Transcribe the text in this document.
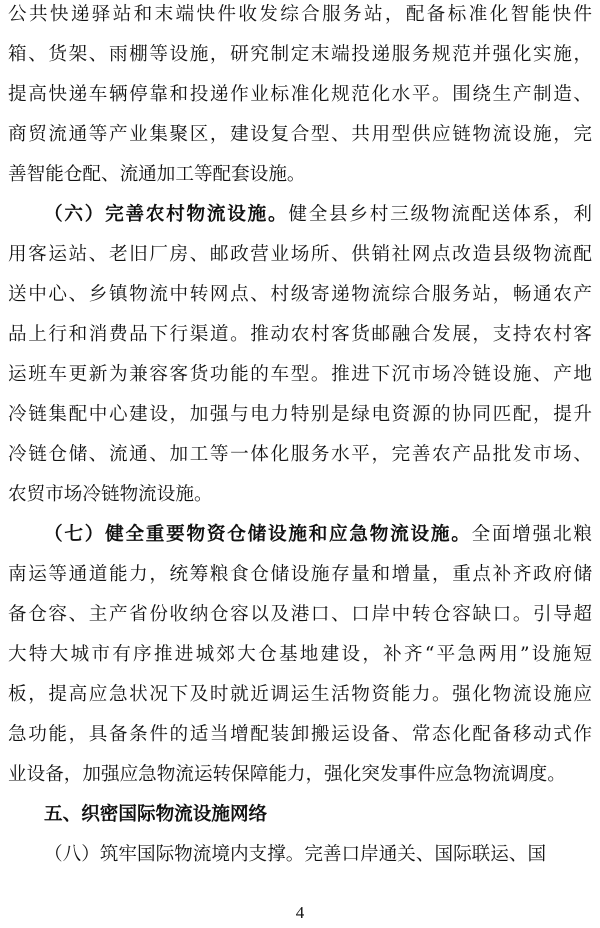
公共快递驿站和末端快件收发综合服务站，配备标准化智能快件
箱、货架、雨棚等设施，研究制定末端投递服务规范并强化实施，
提高快递车辆停靠和投递作业标准化规范化水平。围绕生产制造、
商贸流通等产业集聚区，建设复合型、共用型供应链物流设施，完
善智能仓配、流通加工等配套设施。
（六）完善农村物流设施。健全县乡村三级物流配送体系，利
用客运站、老旧厂房、邮政营业场所、供销社网点改造县级物流配
送中心、乡镇物流中转网点、村级寄递物流综合服务站，畅通农产
品上行和消费品下行渠道。推动农村客货邮融合发展，支持农村客
运班车更新为兼容客货功能的车型。推进下沉市场冷链设施、产地
冷链集配中心建设，加强与电力特别是绿电资源的协同匹配，提升
冷链仓储、流通、加工等一体化服务水平，完善农产品批发市场、
农贸市场冷链物流设施。
（七）健全重要物资仓储设施和应急物流设施。全面增强北粮
南运等通道能力，统筹粮食仓储设施存量和增量，重点补齐政府储
备仓容、主产省份收纳仓容以及港口、口岸中转仓容缺口。引导超
大特大城市有序推进城郊大仓基地建设，补齐“平急两用”设施短
板，提高应急状况下及时就近调运生活物资能力。强化物流设施应
急功能，具备条件的适当增配装卸搬运设备、常态化配备移动式作
业设备，加强应急物流运转保障能力，强化突发事件应急物流调度。
五、织密国际物流设施网络
（八）筑牢国际物流境内支撑。完善口岸通关、国际联运、国
4
